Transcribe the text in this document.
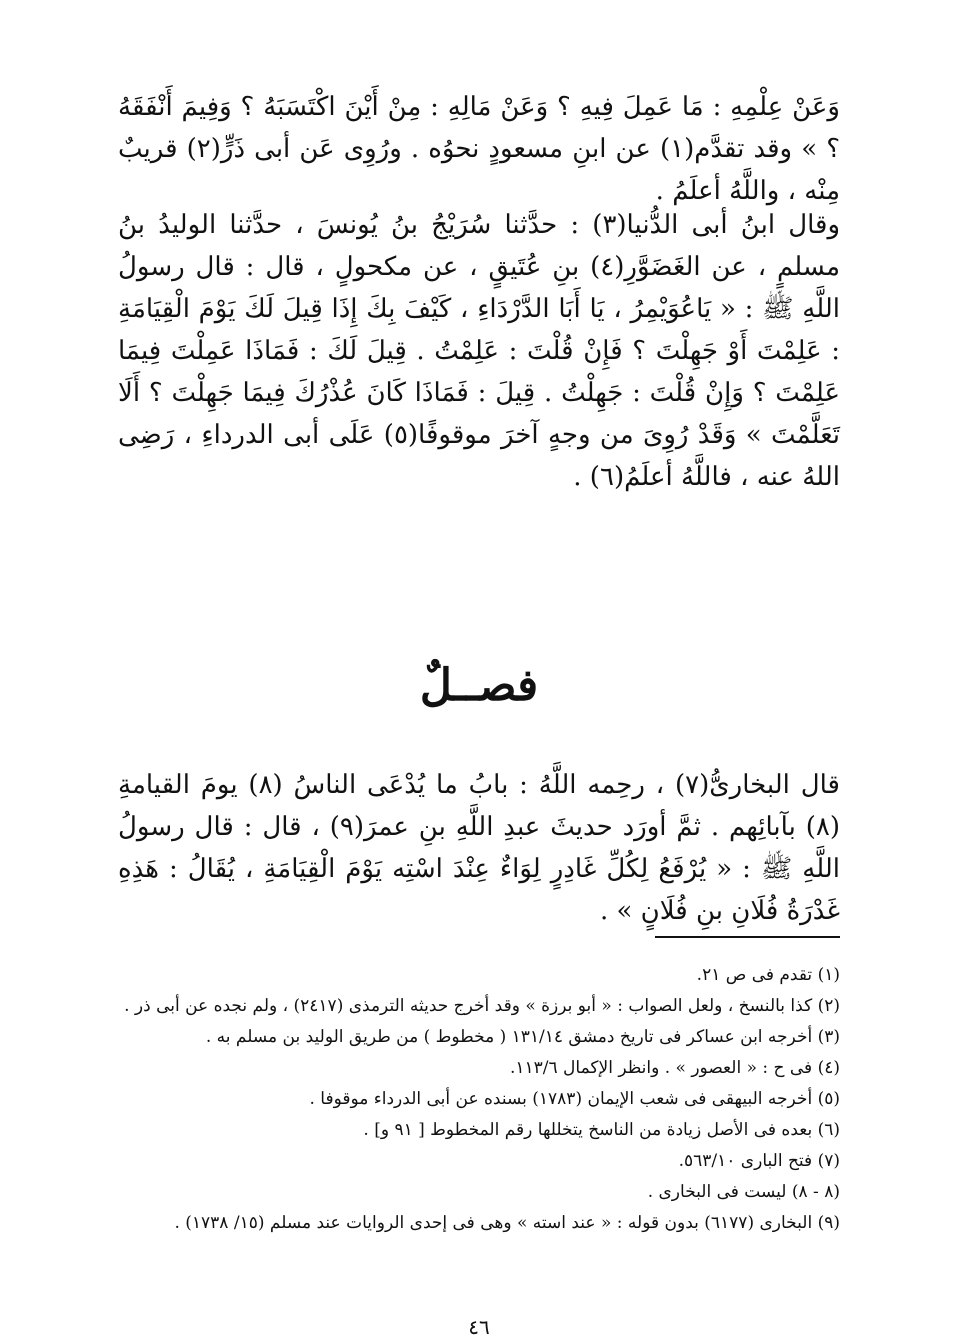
وَعَنْ عِلْمِهِ : مَا عَمِلَ فِيهِ ؟ وَعَنْ مَالِهِ : مِنْ أَيْنَ اكْتَسَبَهُ ؟ وَفِيمَ أَنْفَقَهُ ؟ » وقد تقدَّم(١) عن ابنِ مسعودٍ نحوُه . ورُوِى عَن أبى ذَرٍّ(٢) قريبٌ مِنْه ، واللَّهُ أعلَمُ .

وقال ابنُ أبى الدُّنيا(٣) : حدَّثنا سُرَيْجُ بنُ يُونسَ ، حدَّثنا الوليدُ بنُ مسلمٍ ، عن الغَضَوَّرِ(٤) بنِ عُتَيقٍ ، عن مكحولٍ ، قال : قال رسولُ اللَّهِ ﷺ : « يَاعُوَيْمِرُ ، يَا أَبَا الدَّرْدَاءِ ، كَيْفَ بِكَ إِذَا قِيلَ لَكَ يَوْمَ الْقِيَامَةِ : عَلِمْتَ أَوْ جَهِلْتَ ؟ فَإِنْ قُلْتَ : عَلِمْتُ . قِيلَ لَكَ : فَمَاذَا عَمِلْتَ فِيمَا عَلِمْتَ ؟ وَإِنْ قُلْتَ : جَهِلْتُ . قِيلَ : فَمَاذَا كَانَ عُذْرُكَ فِيمَا جَهِلْتَ ؟ أَلَا تَعَلَّمْتَ » وَقَدْ رُوِىَ من وجهٍ آخرَ موقوفًا(٥) عَلَى أبى الدرداءِ ، رَضِى اللهُ عنه ، فاللَّهُ أعلَمُ(٦) .

فصــلٌ

قال البخارىُّ(٧) ، رحِمه اللَّهُ : بابُ ما يُدْعَى الناسُ (٨) يومَ القيامةِ (٨) بآبائِهم . ثمَّ أورَد حديثَ عبدِ اللَّهِ بنِ عمرَ(٩) ، قال : قال رسولُ اللَّهِ ﷺ : « يُرْفَعُ لِكُلِّ غَادِرٍ لِوَاءٌ عِنْدَ اسْتِه يَوْمَ الْقِيَامَةِ ، يُقَالُ : هَذِهِ غَدْرَةُ فُلَانِ بنِ فُلَانٍ » .

(١) تقدم فى ص ٢١.
(٢) كذا بالنسخ ، ولعل الصواب : « أبو برزة » وقد أخرج حديثه الترمذى (٢٤١٧) ، ولم نجده عن أبى ذر .
(٣) أخرجه ابن عساكر فى تاريخ دمشق ١٣١/١٤ ( مخطوط ) من طريق الوليد بن مسلم به .
(٤) فى ح : « العصور » . وانظر الإكمال ١١٣/٦.
(٥) أخرجه البيهقى فى شعب الإيمان (١٧٨٣) بسنده عن أبى الدرداء موقوفا .
(٦) بعده فى الأصل زيادة من الناسخ يتخللها رقم المخطوط [ ٩١ و] .
(٧) فتح البارى ٥٦٣/١٠.
(٨ - ٨) ليست فى البخارى .
(٩) البخارى (٦١٧٧) بدون قوله : « عند استه » وهى فى إحدى الروايات عند مسلم (١٥/ ١٧٣٨) .
٤٦
